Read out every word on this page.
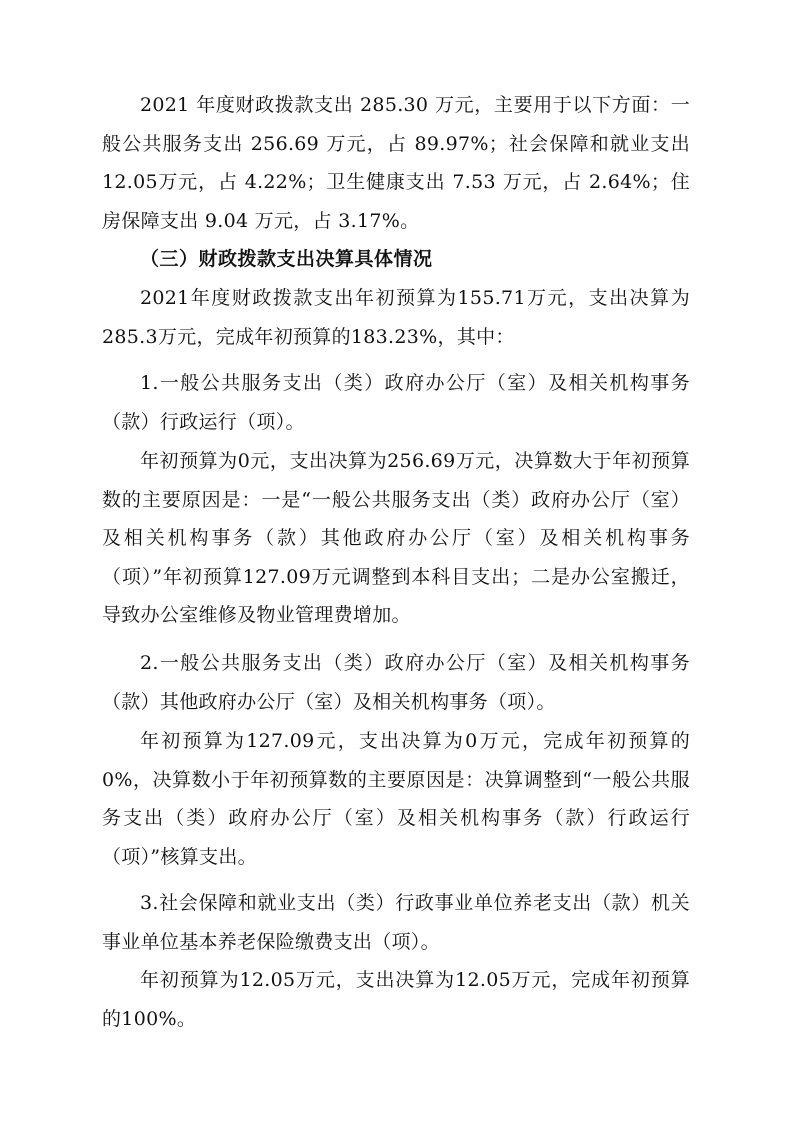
2021 年度财政拨款支出 285.30 万元，主要用于以下方面：一般公共服务支出 256.69 万元，占 89.97%；社会保障和就业支出 12.05万元，占 4.22%；卫生健康支出 7.53 万元，占 2.64%；住房保障支出 9.04 万元，占 3.17%。

（三）财政拨款支出决算具体情况

2021年度财政拨款支出年初预算为155.71万元，支出决算为285.3万元，完成年初预算的183.23%，其中：

1.一般公共服务支出（类）政府办公厅（室）及相关机构事务（款）行政运行（项）。

年初预算为0元，支出决算为256.69万元，决算数大于年初预算数的主要原因是：一是“一般公共服务支出（类）政府办公厅（室）及相关机构事务（款）其他政府办公厅（室）及相关机构事务（项）”年初预算127.09万元调整到本科目支出；二是办公室搬迁，导致办公室维修及物业管理费增加。

2.一般公共服务支出（类）政府办公厅（室）及相关机构事务（款）其他政府办公厅（室）及相关机构事务（项）。

年初预算为127.09元，支出决算为0万元，完成年初预算的0%，决算数小于年初预算数的主要原因是：决算调整到“一般公共服务支出（类）政府办公厅（室）及相关机构事务（款）行政运行（项）”核算支出。

3.社会保障和就业支出（类）行政事业单位养老支出（款）机关事业单位基本养老保险缴费支出（项）。

年初预算为12.05万元，支出决算为12.05万元，完成年初预算的100%。
